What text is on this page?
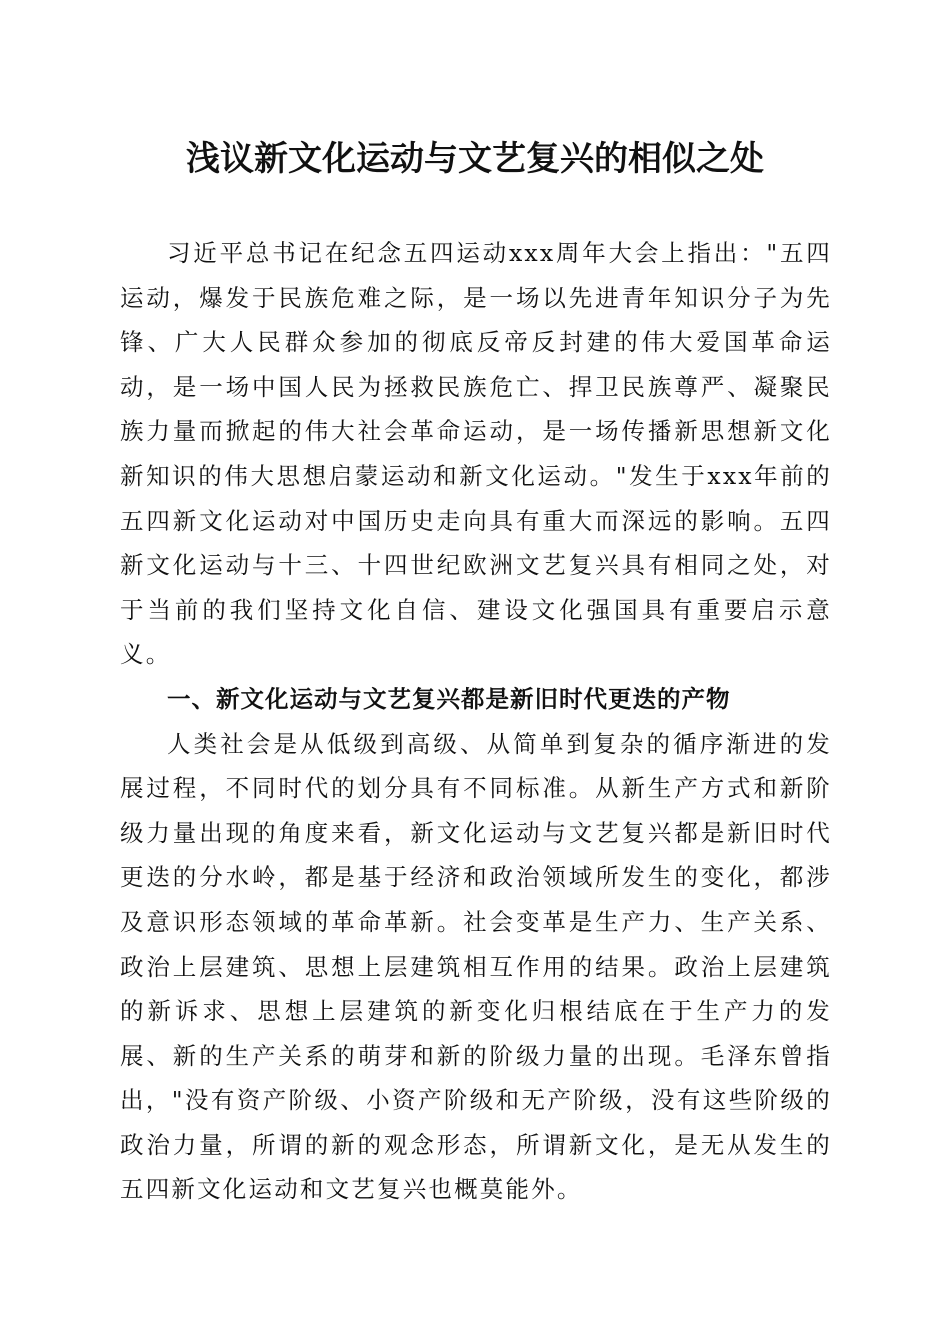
浅议新文化运动与文艺复兴的相似之处

习近平总书记在纪念五四运动xxx周年大会上指出："五四运动，爆发于民族危难之际，是一场以先进青年知识分子为先锋、广大人民群众参加的彻底反帝反封建的伟大爱国革命运动，是一场中国人民为拯救民族危亡、捍卫民族尊严、凝聚民族力量而掀起的伟大社会革命运动，是一场传播新思想新文化新知识的伟大思想启蒙运动和新文化运动。"发生于xxx年前的五四新文化运动对中国历史走向具有重大而深远的影响。五四新文化运动与十三、十四世纪欧洲文艺复兴具有相同之处，对于当前的我们坚持文化自信、建设文化强国具有重要启示意义。

一、新文化运动与文艺复兴都是新旧时代更迭的产物

人类社会是从低级到高级、从简单到复杂的循序渐进的发展过程，不同时代的划分具有不同标准。从新生产方式和新阶级力量出现的角度来看，新文化运动与文艺复兴都是新旧时代更迭的分水岭，都是基于经济和政治领域所发生的变化，都涉及意识形态领域的革命革新。社会变革是生产力、生产关系、政治上层建筑、思想上层建筑相互作用的结果。政治上层建筑的新诉求、思想上层建筑的新变化归根结底在于生产力的发展、新的生产关系的萌芽和新的阶级力量的出现。毛泽东曾指出，"没有资产阶级、小资产阶级和无产阶级，没有这些阶级的政治力量，所谓的新的观念形态，所谓新文化，是无从发生的五四新文化运动和文艺复兴也概莫能外。
